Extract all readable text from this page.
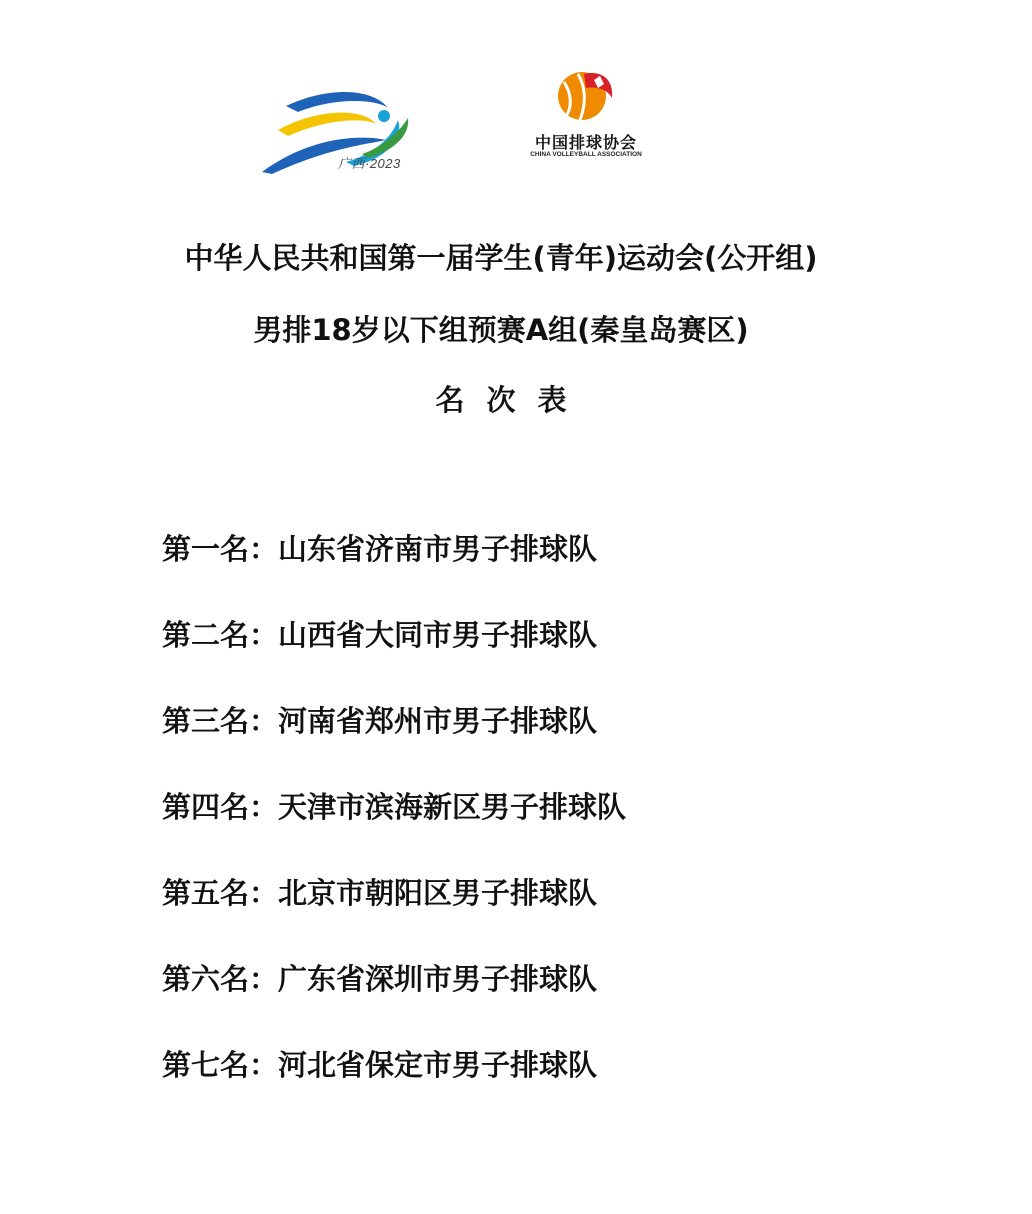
广西·2023
中国排球协会
CHINA VOLLEYBALL ASSOCIATION
中华人民共和国第一届学生(青年)运动会(公开组)
男排18岁以下组预赛A组(秦皇岛赛区)
名次表
第一名：山东省济南市男子排球队
第二名：山西省大同市男子排球队
第三名：河南省郑州市男子排球队
第四名：天津市滨海新区男子排球队
第五名：北京市朝阳区男子排球队
第六名：广东省深圳市男子排球队
第七名：河北省保定市男子排球队
